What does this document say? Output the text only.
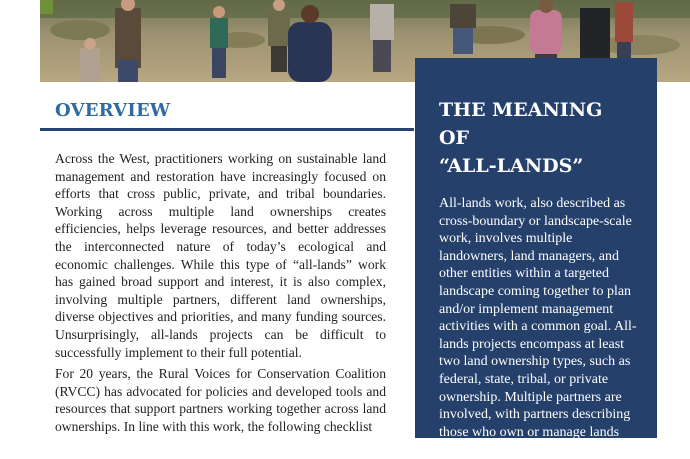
OVERVIEW

Across the West, practitioners working on sustainable land management and restoration have increasingly focused on efforts that cross public, private, and tribal boundaries. Working across multiple land ownerships creates efficiencies, helps leverage resources, and better addresses the interconnected nature of today’s ecological and economic challenges. While this type of “all-lands” work has gained broad support and interest, it is also complex, involving multiple partners, different land ownerships, diverse objectives and priorities, and many funding sources. Unsurprisingly, all-lands projects can be difficult to successfully implement to their full potential.

For 20 years, the Rural Voices for Conservation Coalition (RVCC) has advocated for policies and developed tools and resources that support partners working together across land ownerships. In line with this work, the following checklist

THE MEANING OF
“ALL-LANDS”

All-lands work, also described as cross-boundary or landscape-scale work, involves multiple landowners, land managers, and other entities within a targeted landscape coming together to plan and/or implement management activities with a common goal. All-lands projects encompass at least two land ownership types, such as federal, state, tribal, or private ownership. Multiple partners are involved, with partners describing those who own or manage lands within the project boundary, or
